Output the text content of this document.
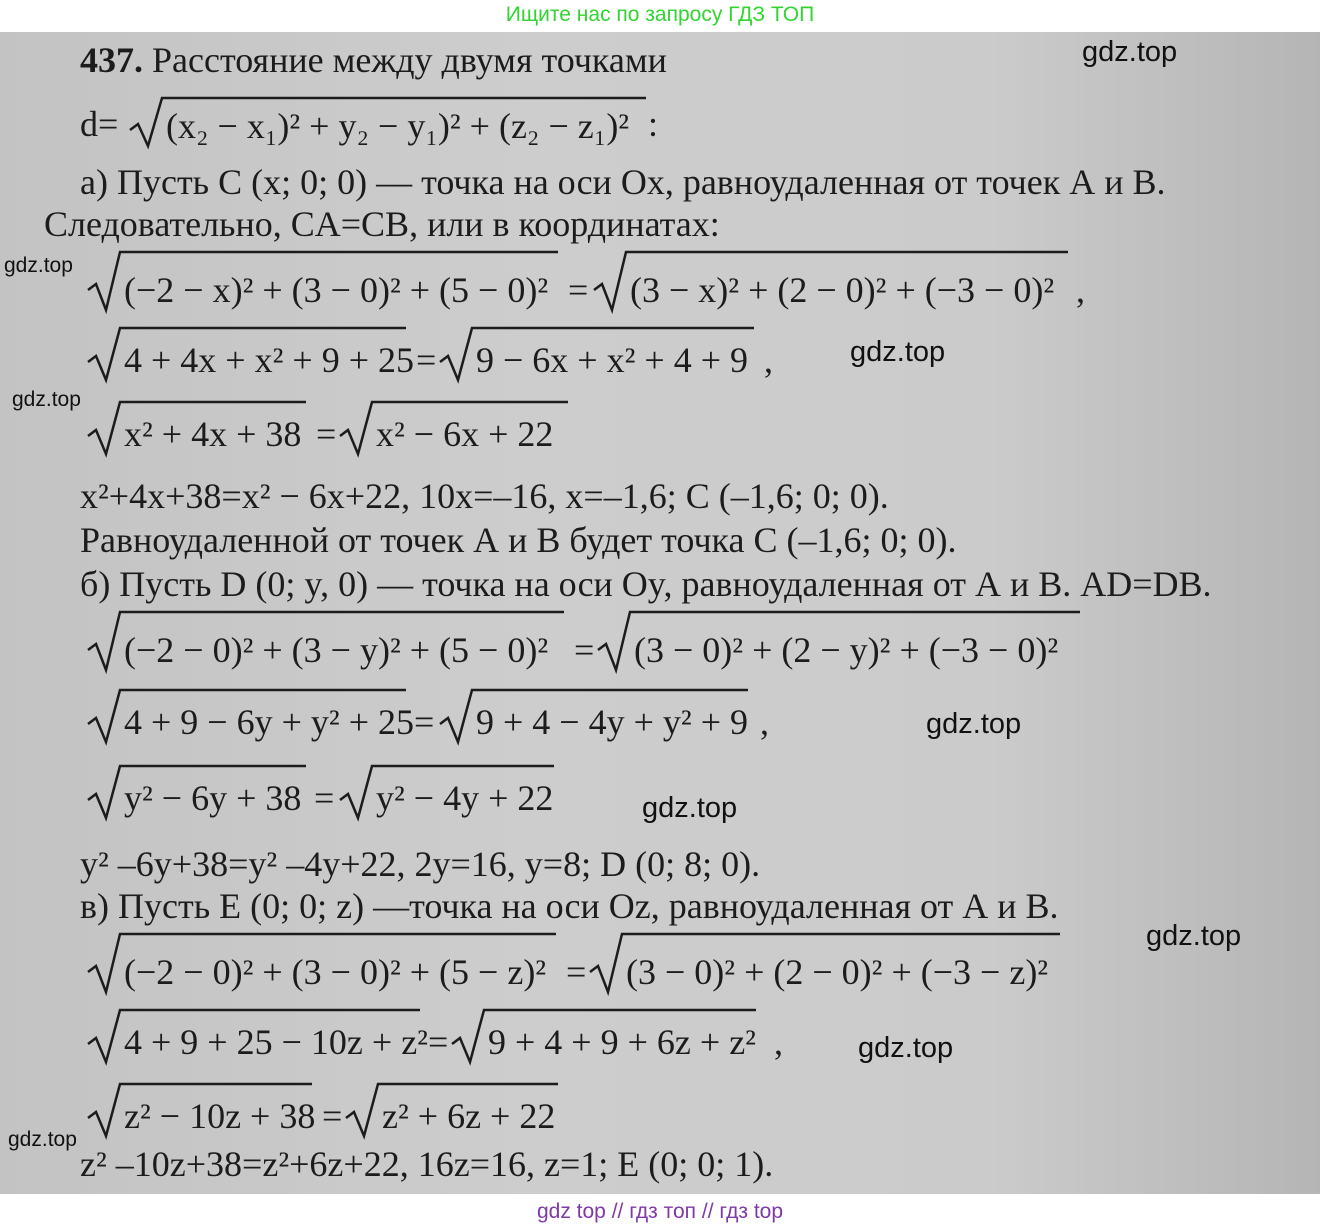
Ищите нас по запросу ГДЗ ТОП
437. Расстояние между двумя точками
d= (x₂ − x₁)² + y₂ − y₁)² + (z₂ − z₁)² :
а) Пусть С (x; 0; 0) — точка на оси Ox, равноудаленная от точек А и В.
Следовательно, CA=CB, или в координатах:
(−2 − x)² + (3 − 0)² + (5 − 0)² = (3 − x)² + (2 − 0)² + (−3 − 0)² ,
4 + 4x + x² + 9 + 25 = 9 − 6x + x² + 4 + 9 ,
x² + 4x + 38 = x² − 6x + 22
x²+4x+38=x² − 6x+22, 10x=–16, x=–1,6; C (–1,6; 0; 0).
Равноудаленной от точек А и В будет точка С (–1,6; 0; 0).
б) Пусть D (0; y, 0) — точка на оси Oy, равноудаленная от А и В. AD=DB.
(−2 − 0)² + (3 − y)² + (5 − 0)² = (3 − 0)² + (2 − y)² + (−3 − 0)²
4 + 9 − 6y + y² + 25 = 9 + 4 − 4y + y² + 9 ,
y² − 6y + 38 = y² − 4y + 22
y² –6y+38=y² –4y+22, 2y=16, y=8; D (0; 8; 0).
в) Пусть Е (0; 0; z) —точка на оси Oz, равноудаленная от А и В.
(−2 − 0)² + (3 − 0)² + (5 − z)² = (3 − 0)² + (2 − 0)² + (−3 − z)²
4 + 9 + 25 − 10z + z² = 9 + 4 + 9 + 6z + z² ,
z² − 10z + 38 = z² + 6z + 22
z² –10z+38=z²+6z+22, 16z=16, z=1; E (0; 0; 1).
gdz.top
gdz.top
gdz.top
gdz.top
gdz.top
gdz.top
gdz.top
gdz.top
gdz.top
gdz top // гдз топ // гдз top
